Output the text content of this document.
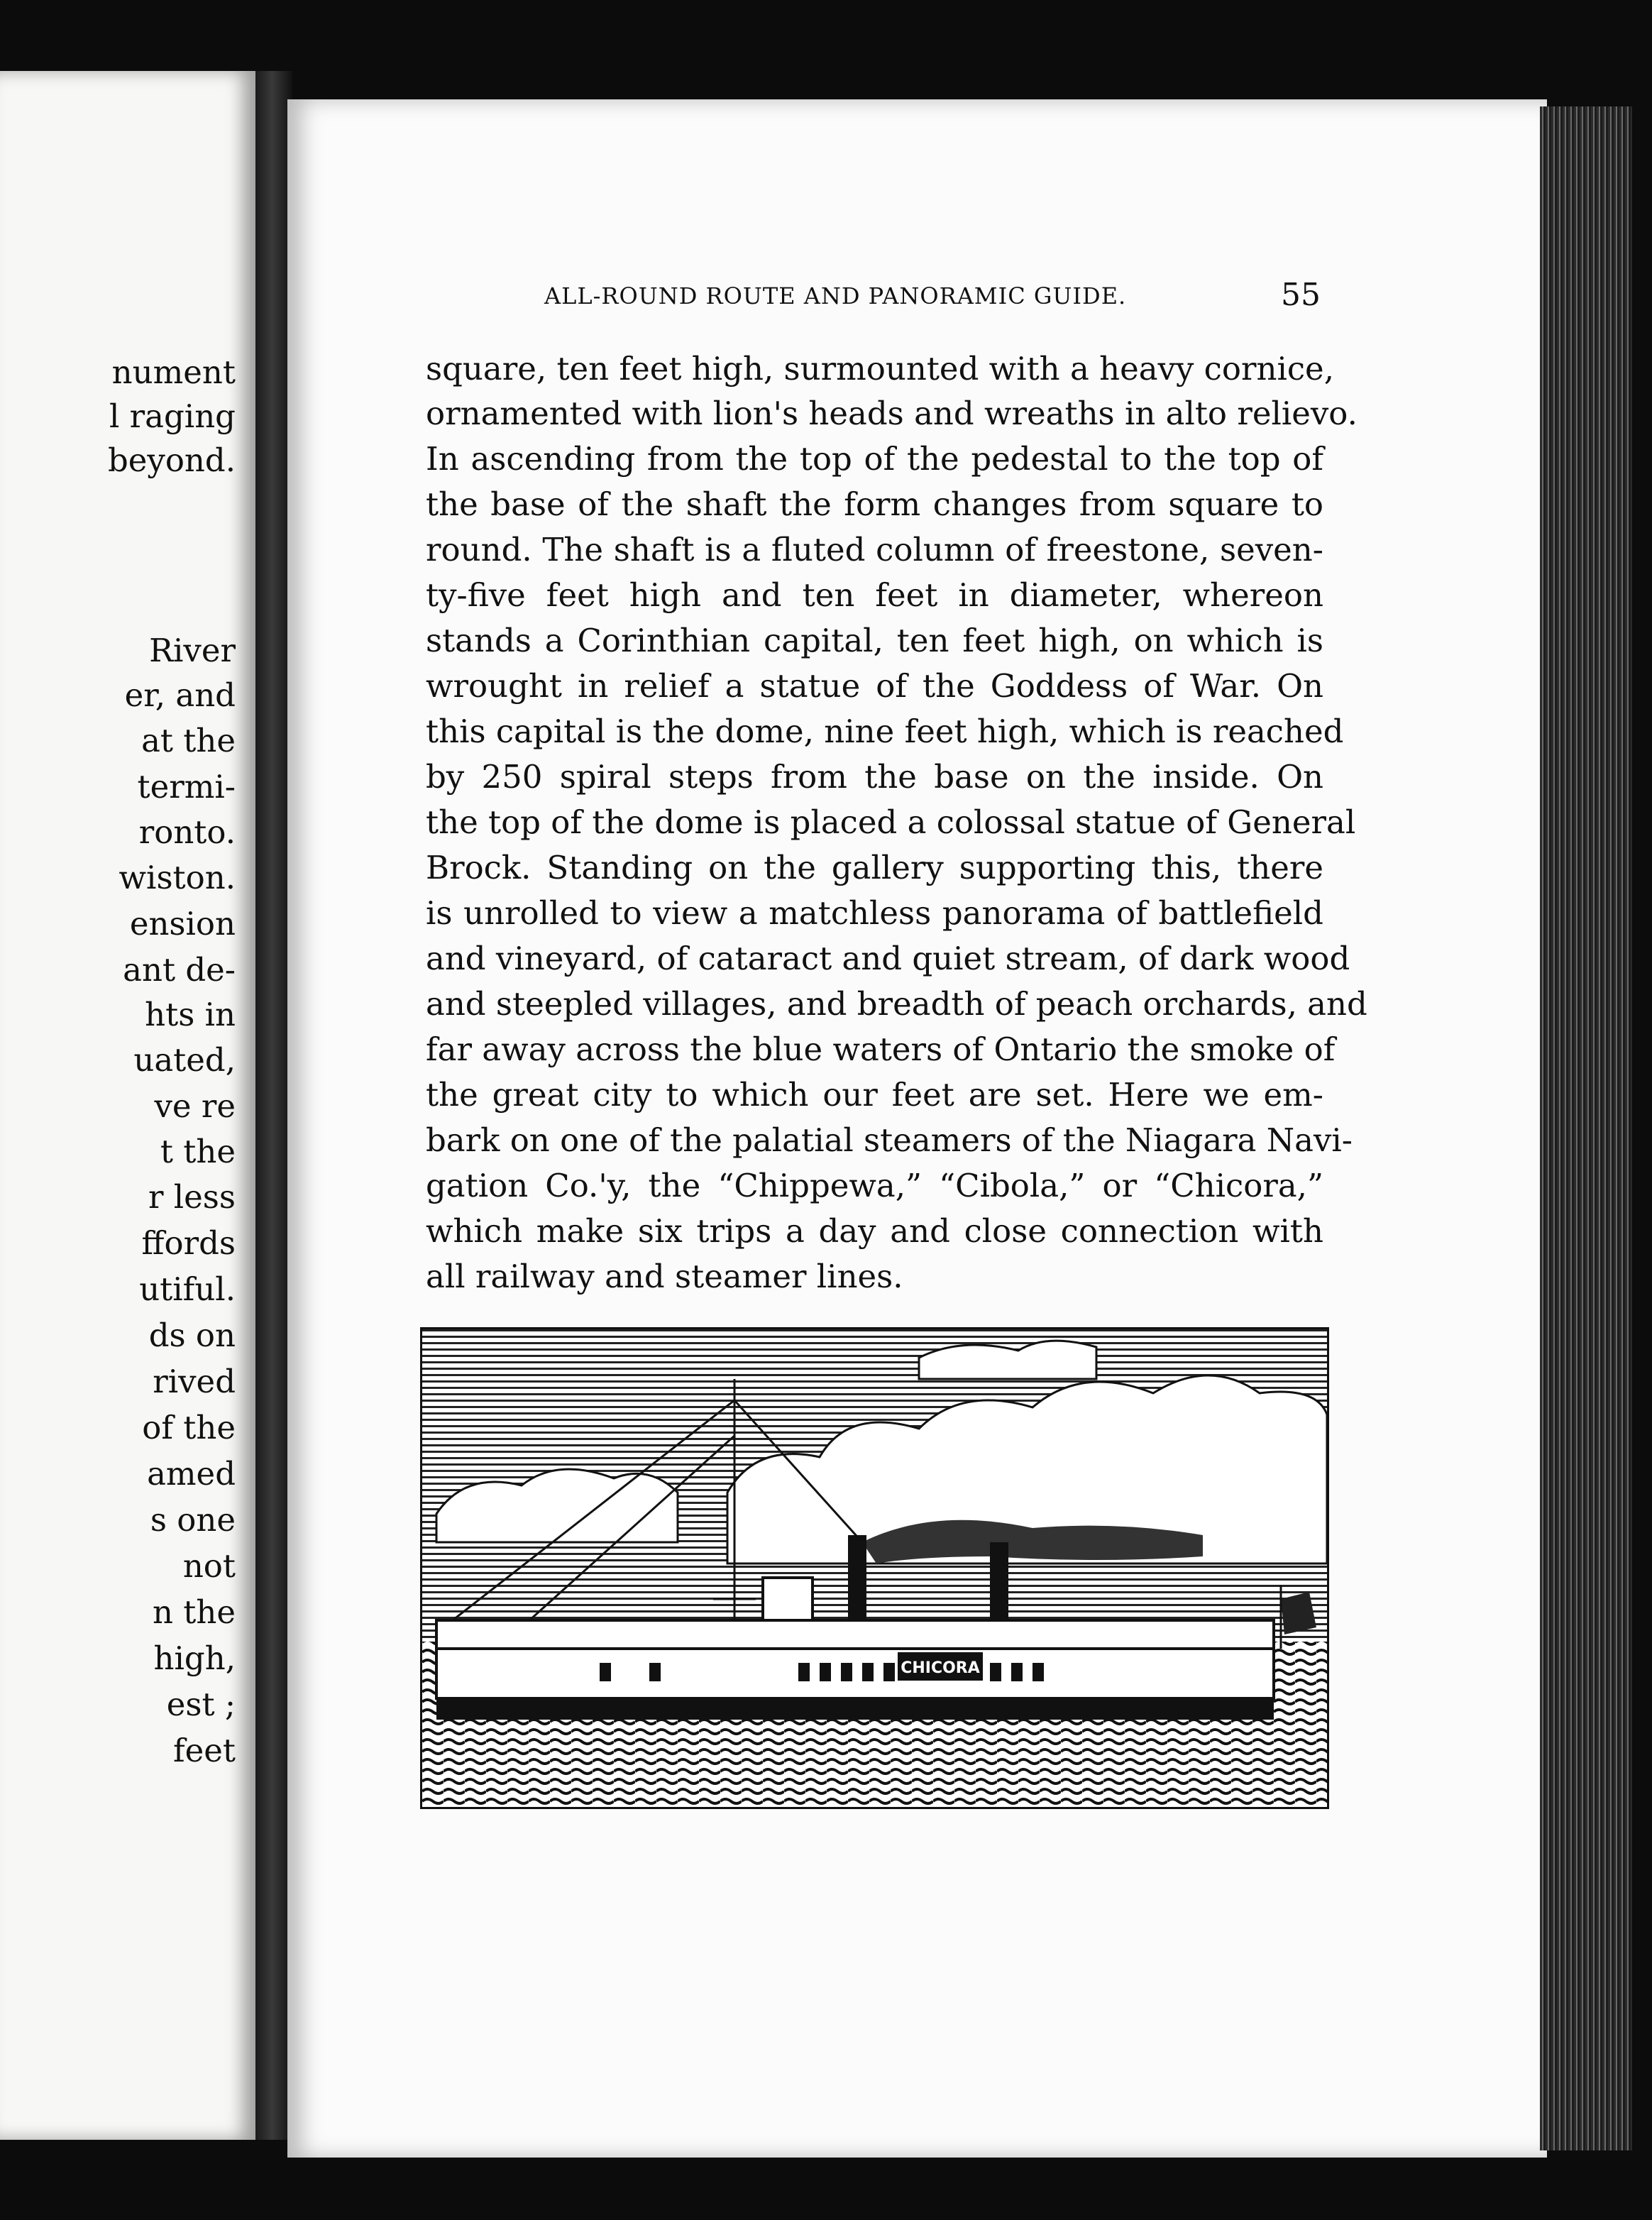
nument
l raging
beyond.
River
er, and
at the
termi-
ronto.
wiston.
ension
ant de-
hts in
uated,
ve re
t the
r less
ffords
utiful.
ds on
rived
of the
amed
s one
not
n the
high,
est ;
feet
ALL-ROUND ROUTE AND PANORAMIC GUIDE.	55
square, ten feet high, surmounted with a heavy cornice,
ornamented with lion's heads and wreaths in alto relievo.
In ascending from the top of the pedestal to the top of
the base of the shaft the form changes from square to
round. The shaft is a fluted column of freestone, seven-
ty-five feet high and ten feet in diameter, whereon
stands a Corinthian capital, ten feet high, on which is
wrought in relief a statue of the Goddess of War. On
this capital is the dome, nine feet high, which is reached
by 250 spiral steps from the base on the inside. On
the top of the dome is placed a colossal statue of General
Brock. Standing on the gallery supporting this, there
is unrolled to view a matchless panorama of battlefield
and vineyard, of cataract and quiet stream, of dark wood
and steepled villages, and breadth of peach orchards, and
far away across the blue waters of Ontario the smoke of
the great city to which our feet are set. Here we em-
bark on one of the palatial steamers of the Niagara Navi-
gation Co.'y, the “Chippewa,” “Cibola,” or “Chicora,”
which make six trips a day and close connection with
all railway and steamer lines.
CHICORA
